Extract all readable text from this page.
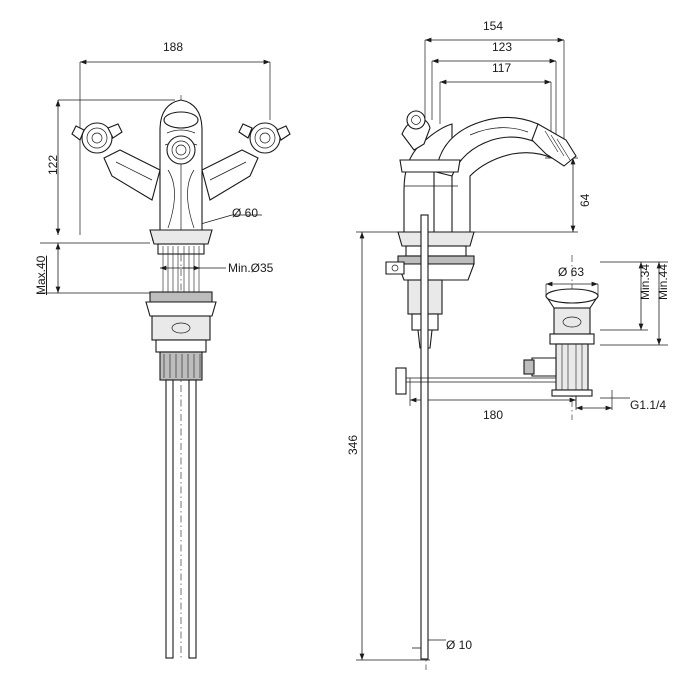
188
122
Ø 60
Max.40	Min.Ø35
154
123
117
64
Ø 63	Min.34 Min.44
180
G1.1/4
346
Ø 10
